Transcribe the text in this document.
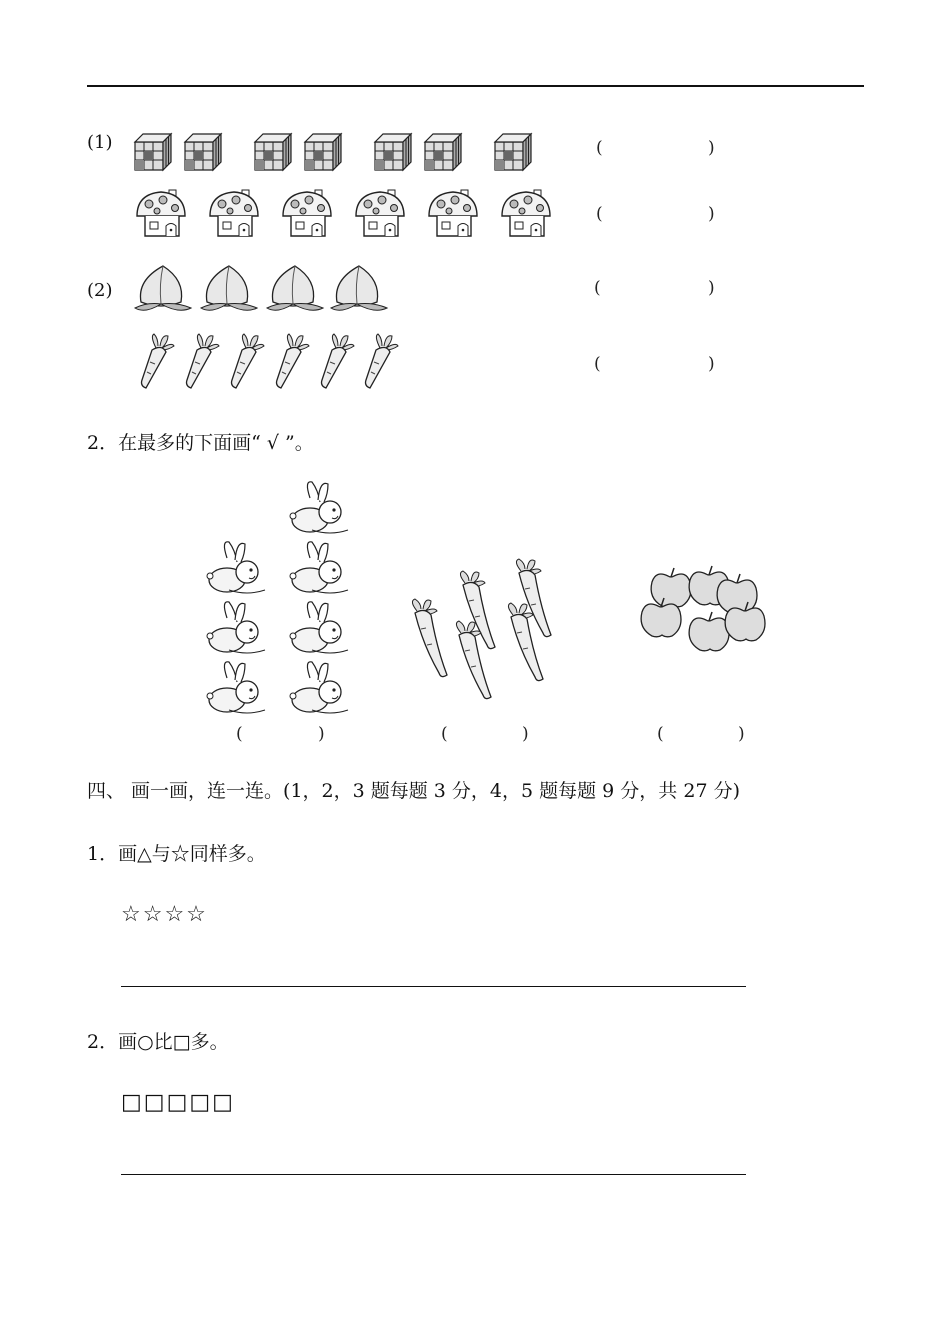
(1)	(	)
(	)
(2)	(	)
(	)
2．在最多的下面画“ √ ”。
(	)	(	)	(	)
四、 画一画，连一连。(1，2，3 题每题 3 分，4，5 题每题 9 分，共 27 分)
1．画△与☆同样多。
☆☆☆☆
2．画○比□多。
□□□□□
